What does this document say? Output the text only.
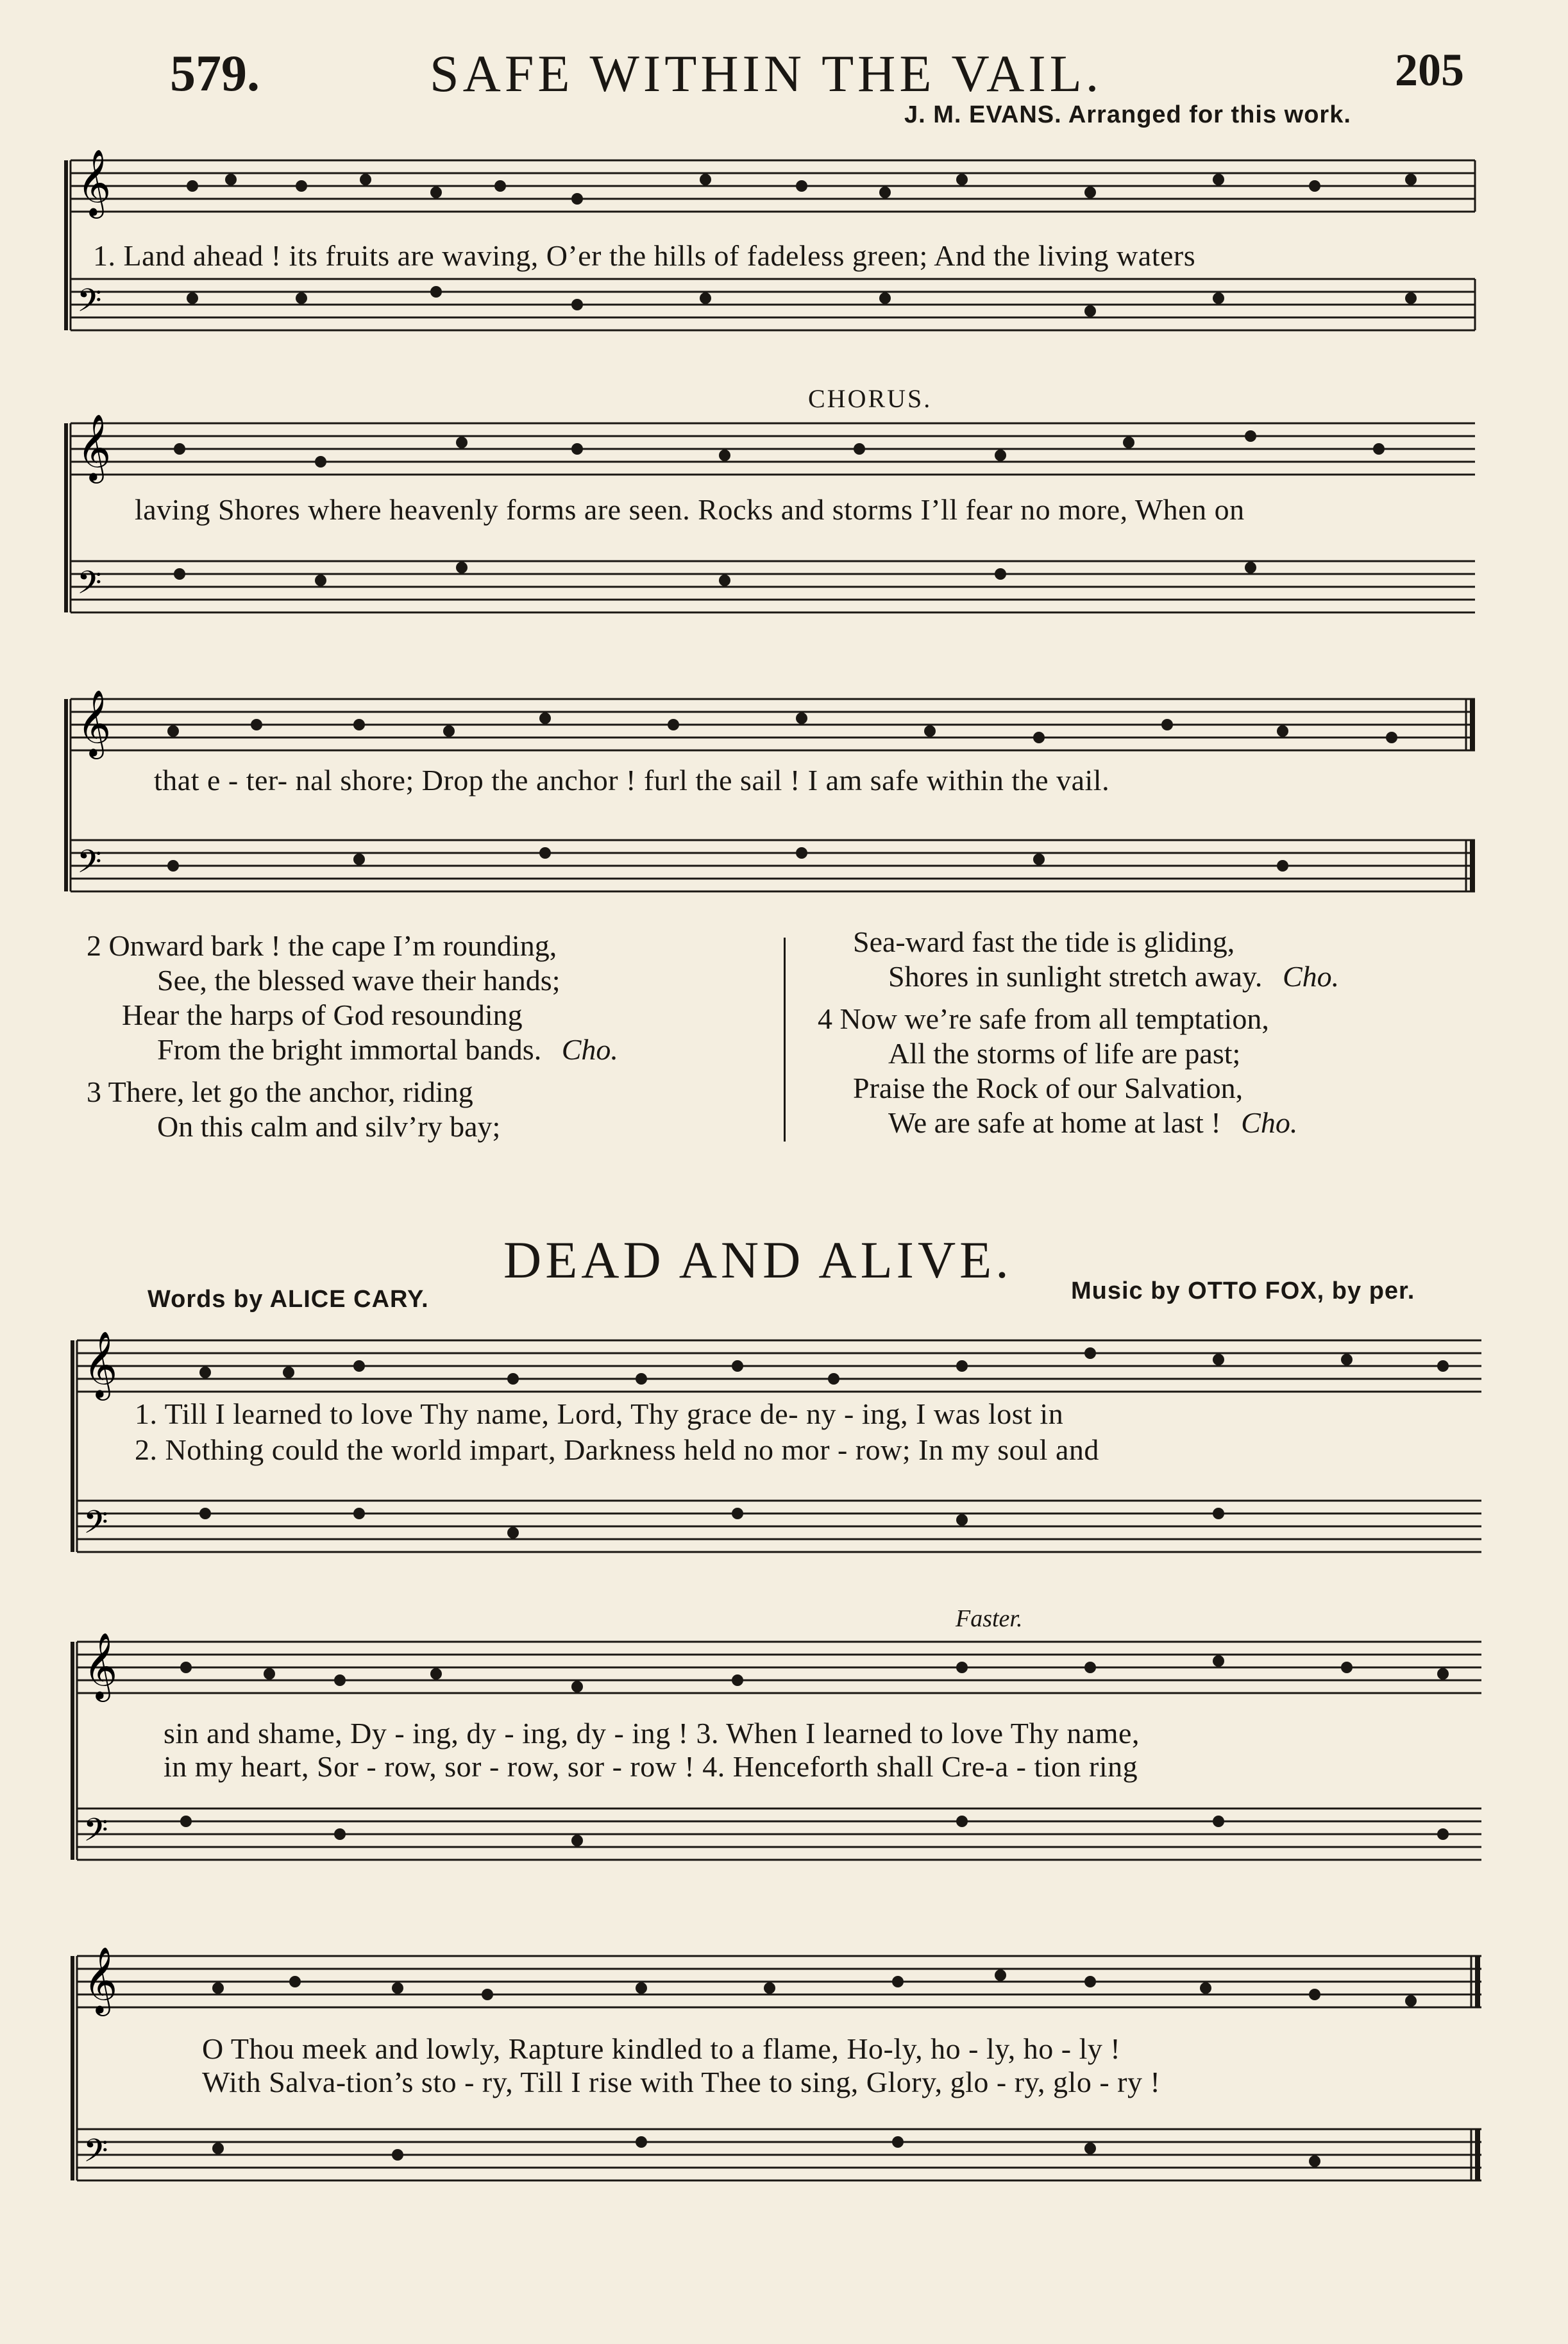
579.	SAFE WITHIN THE VAIL.	205
J. M. EVANS. Arranged for this work.
𝄞
𝄢
1. Land ahead ! its fruits are waving, O’er the hills of fadeless green; And the living waters
CHORUS.
𝄞
𝄢
laving Shores where heavenly forms are seen. Rocks and storms I’ll fear no more, When on
𝄞
𝄢
that e - ter- nal shore; Drop the anchor ! furl the sail ! I am safe within the vail.
2 Onward bark ! the cape I’m rounding,
See, the blessed wave their hands;
Hear the harps of God resounding
From the bright immortal bands. Cho.
3 There, let go the anchor, riding
On this calm and silv’ry bay;
Sea-ward fast the tide is gliding,
Shores in sunlight stretch away. Cho.
4 Now we’re safe from all temptation,
All the storms of life are past;
Praise the Rock of our Salvation,
We are safe at home at last ! Cho.
DEAD AND ALIVE.
Words by ALICE CARY.	Music by OTTO FOX, by per.
𝄞
𝄢
1. Till I learned to love Thy name, Lord, Thy grace de- ny - ing, I was lost in
2. Nothing could the world impart, Darkness held no mor - row; In my soul and
Faster.
𝄞
𝄢
sin and shame, Dy - ing, dy - ing, dy - ing ! 3. When I learned to love Thy name,
in my heart, Sor - row, sor - row, sor - row ! 4. Henceforth shall Cre-a - tion ring
𝄞
𝄢
O Thou meek and lowly, Rapture kindled to a flame, Ho-ly, ho - ly, ho - ly !
With Salva-tion’s sto - ry, Till I rise with Thee to sing, Glory, glo - ry, glo - ry !
